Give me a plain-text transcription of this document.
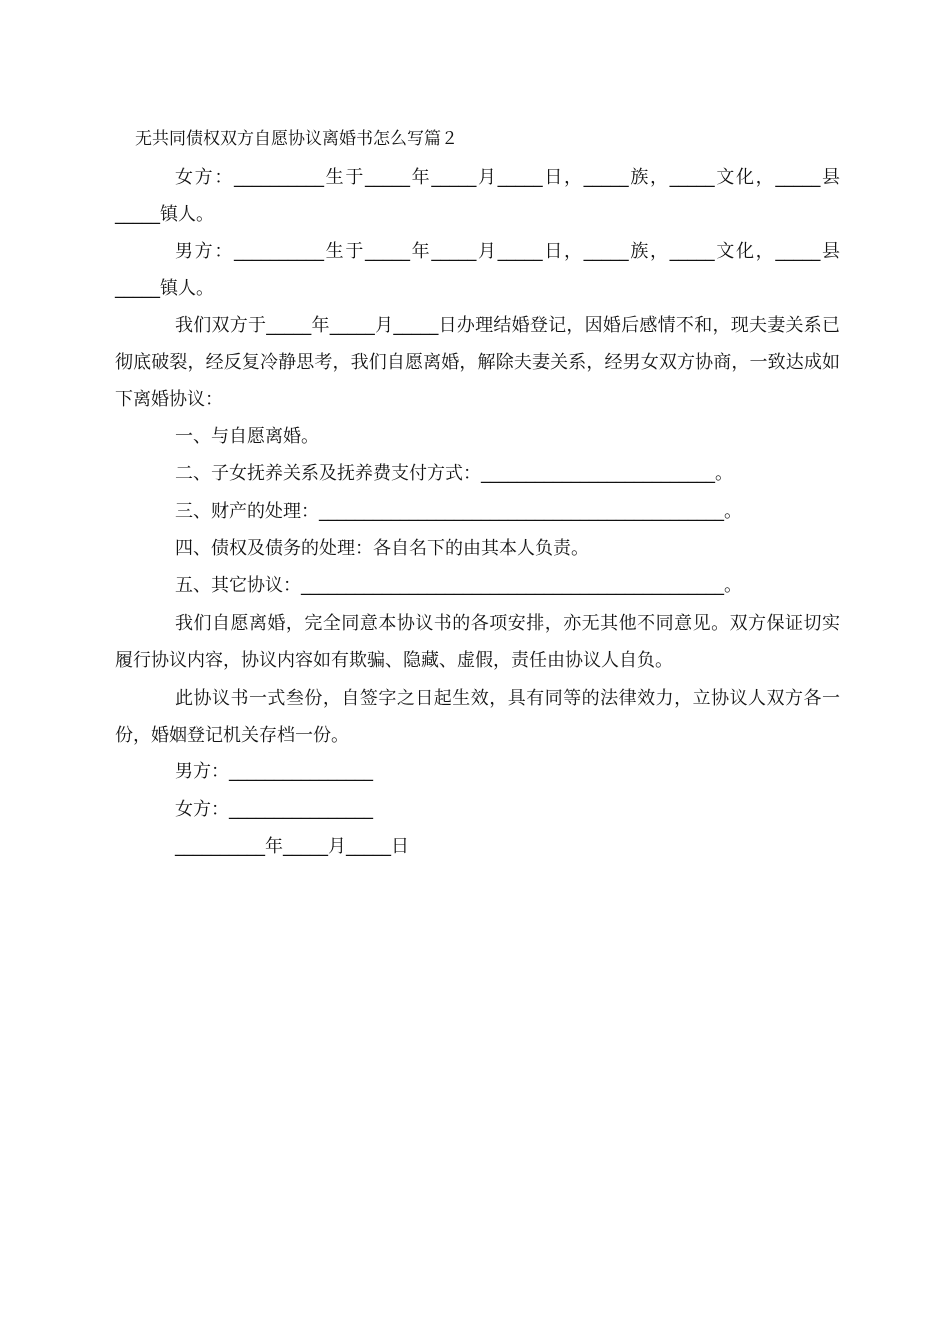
无共同债权双方自愿协议离婚书怎么写篇２
女方：__________生于_____年_____月_____日，_____族，_____文化，_____县_____镇人。
男方：__________生于_____年_____月_____日，_____族，_____文化，_____县_____镇人。
我们双方于_____年_____月_____日办理结婚登记，因婚后感情不和，现夫妻关系已彻底破裂，经反复冷静思考，我们自愿离婚，解除夫妻关系，经男女双方协商，一致达成如下离婚协议：
一、与自愿离婚。
二、子女抚养关系及抚养费支付方式：__________________________。
三、财产的处理：_____________________________________________。
四、债权及债务的处理：各自名下的由其本人负责。
五、其它协议：_______________________________________________。
我们自愿离婚，完全同意本协议书的各项安排，亦无其他不同意见。双方保证切实履行协议内容，协议内容如有欺骗、隐藏、虚假，责任由协议人自负。
此协议书一式叁份，自签字之日起生效，具有同等的法律效力，立协议人双方各一份，婚姻登记机关存档一份。
男方：________________
女方：________________
__________年_____月_____日
